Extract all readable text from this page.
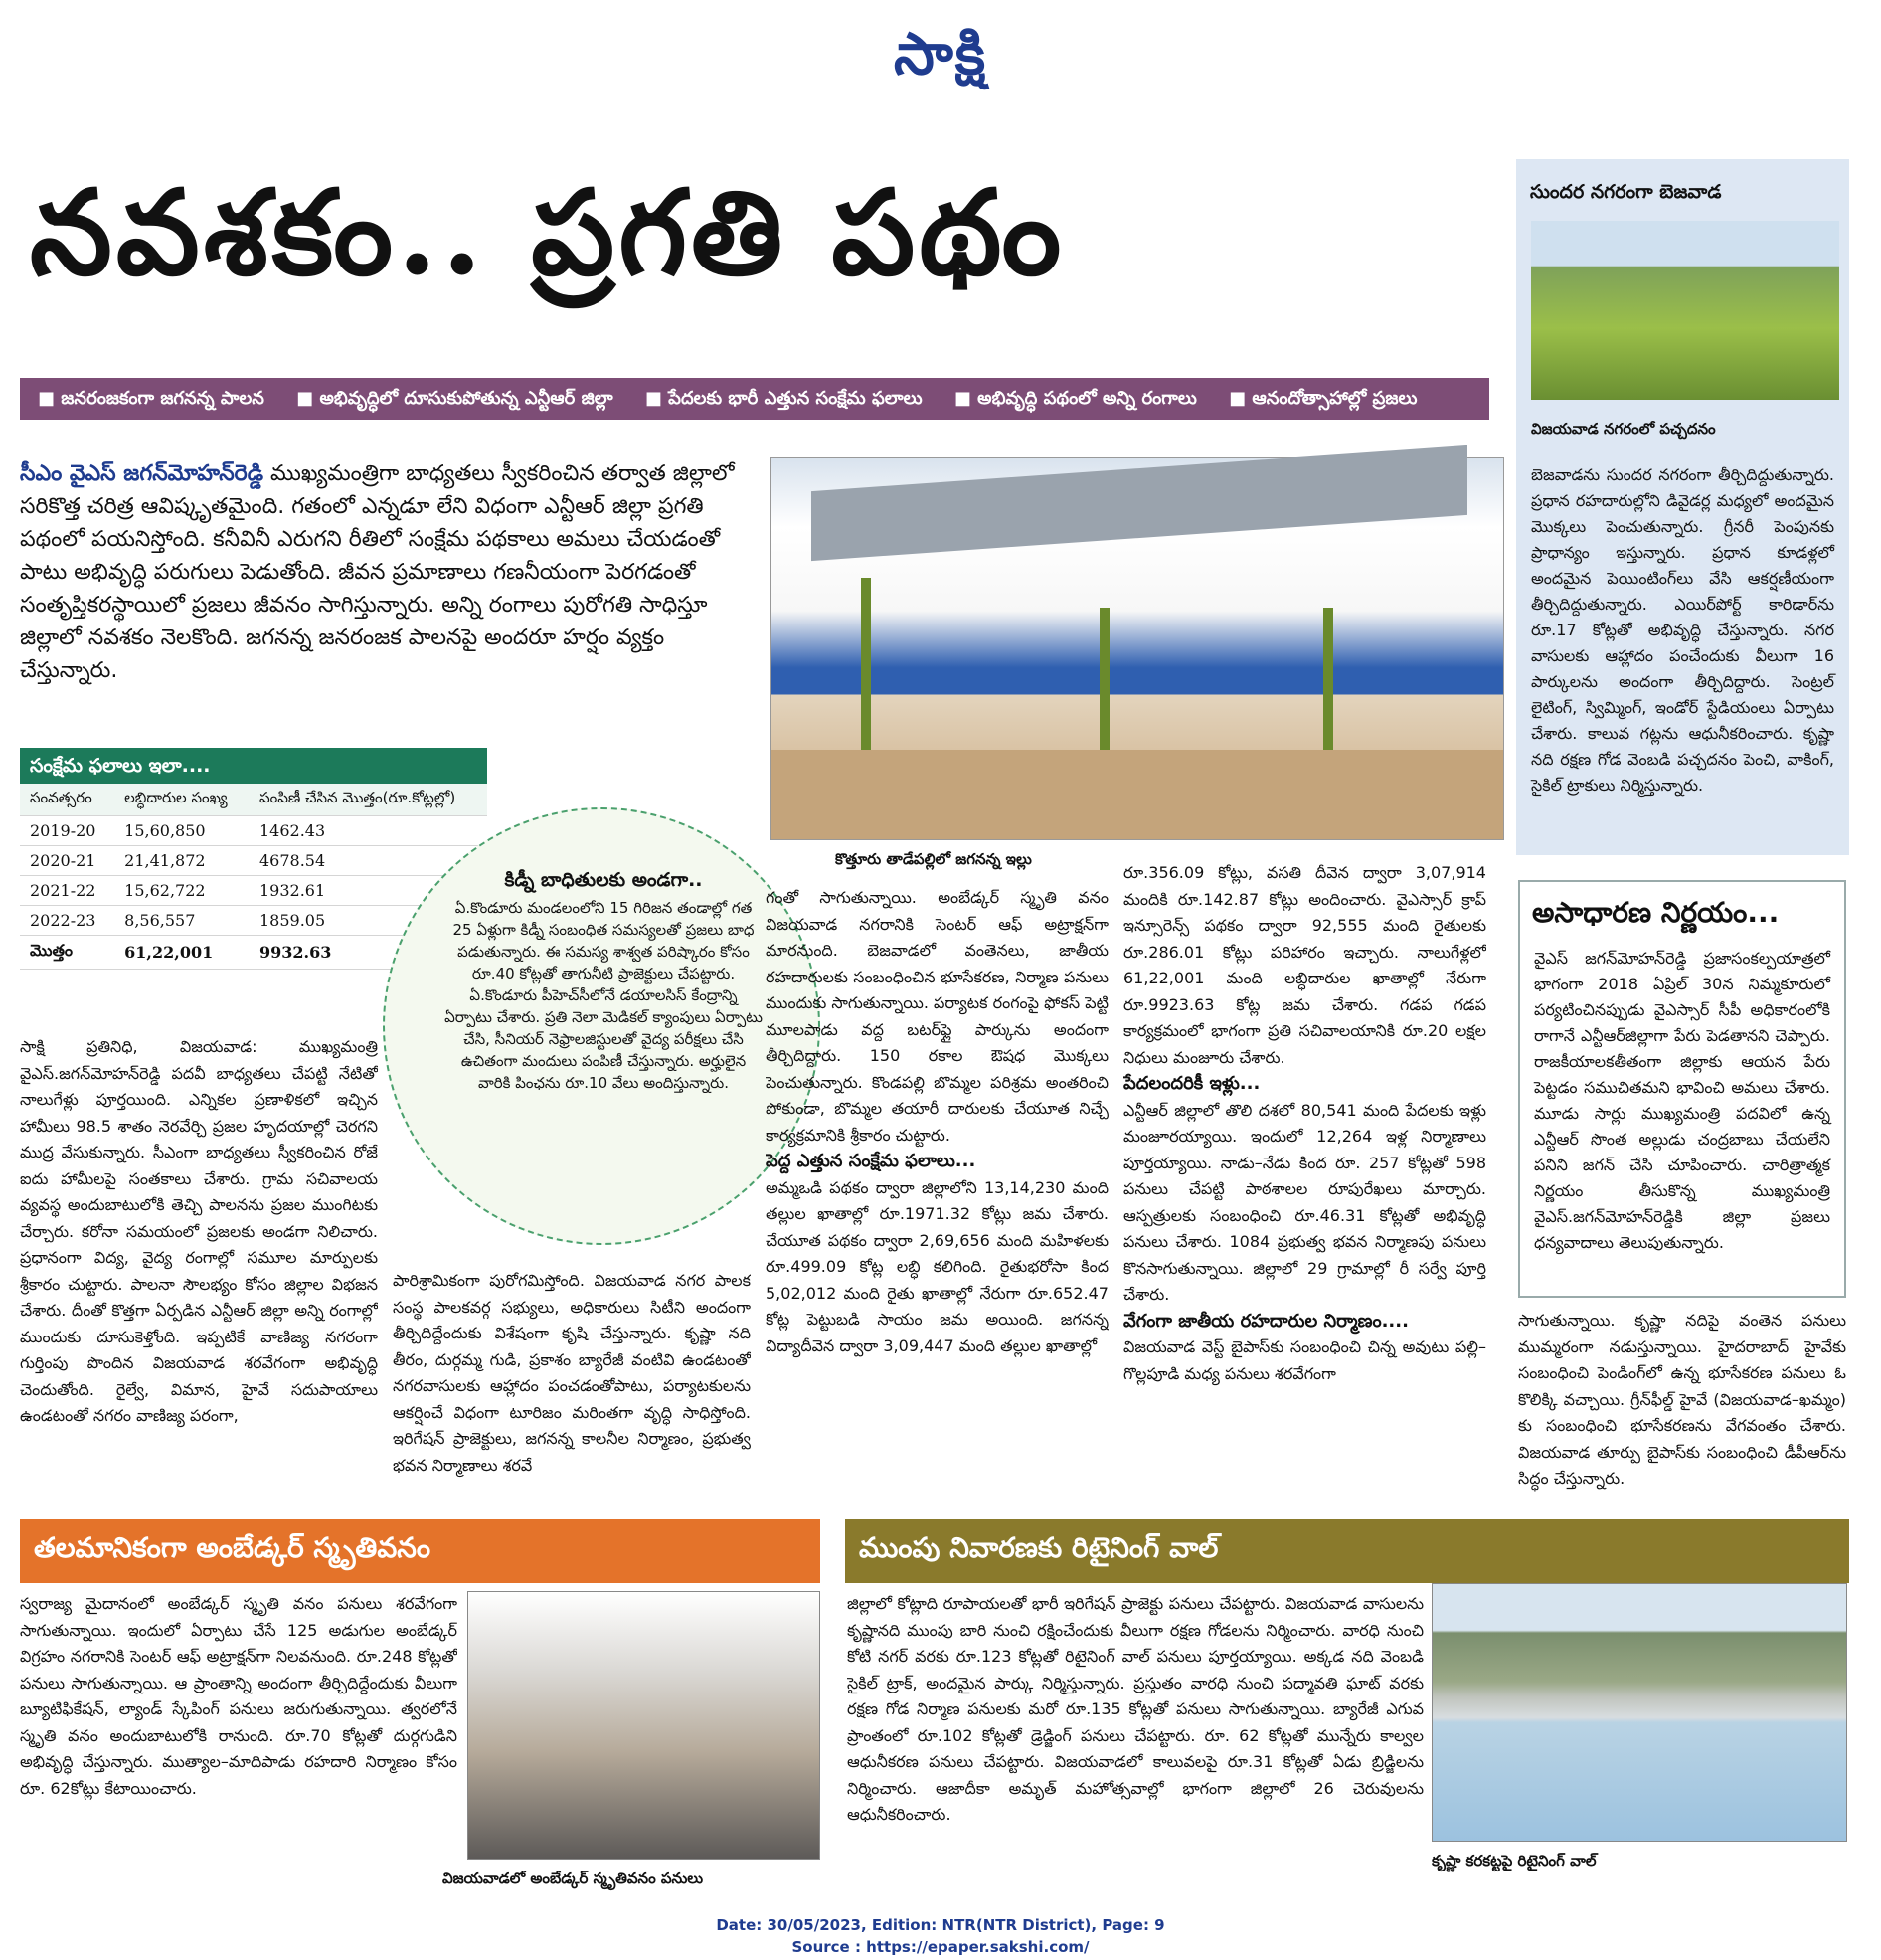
సాక్షి
నవశకం.. ప్రగతి పథం
■ జనరంజకంగా జగనన్న పాలన ■ అభివృద్ధిలో దూసుకుపోతున్న ఎన్టీఆర్ జిల్లా ■ పేదలకు భారీ ఎత్తున సంక్షేమ ఫలాలు ■ అభివృద్ధి పథంలో అన్ని రంగాలు ■ ఆనందోత్సాహాల్లో ప్రజలు
సీఎం వైఎస్ జగన్‌మోహన్‌రెడ్డి ముఖ్యమంత్రిగా బాధ్యతలు స్వీకరించిన తర్వాత జిల్లాలో సరికొత్త చరిత్ర ఆవిష్కృతమైంది. గతంలో ఎన్నడూ లేని విధంగా ఎన్టీఆర్ జిల్లా ప్రగతి పథంలో పయనిస్తోంది. కనీవినీ ఎరుగని రీతిలో సంక్షేమ పథకాలు అమలు చేయడంతో పాటు అభివృద్ధి పరుగులు పెడుతోంది. జీవన ప్రమాణాలు గణనీయంగా పెరగడంతో సంతృప్తికరస్థాయిలో ప్రజలు జీవనం సాగిస్తున్నారు. అన్ని రంగాలు పురోగతి సాధిస్తూ జిల్లాలో నవశకం నెలకొంది. జగనన్న జనరంజక పాలనపై అందరూ హర్షం వ్యక్తం చేస్తున్నారు.
కొత్తూరు తాడేపల్లిలో జగనన్న ఇల్లు
సంక్షేమ ఫలాలు ఇలా....
సంవత్సరం	లబ్ధిదారుల సంఖ్య	పంపిణీ చేసిన మొత్తం(రూ.కోట్లల్లో)
2019-20	15,60,850	1462.43
2020-21	21,41,872	4678.54
2021-22	15,62,722	1932.61
2022-23	8,56,557	1859.05
మొత్తం	61,22,001	9932.63
సాక్షి ప్రతినిధి, విజయవాడ: ముఖ్యమంత్రి వైఎస్.జగన్‌మోహన్‌రెడ్డి పదవీ బాధ్యతలు చేపట్టి నేటితో నాలుగేళ్లు పూర్తయింది. ఎన్నికల ప్రణాళికలో ఇచ్చిన హామీలు 98.5 శాతం నెరవేర్చి ప్రజల హృదయాల్లో చెరగని ముద్ర వేసుకున్నారు. సీఎంగా బాధ్యతలు స్వీకరించిన రోజే ఐదు హామీలపై సంతకాలు చేశారు. గ్రామ సచివాలయ వ్యవస్థ అందుబాటులోకి తెచ్చి పాలనను ప్రజల ముంగిటకు చేర్చారు. కరోనా సమయంలో ప్రజలకు అండగా నిలిచారు. ప్రధానంగా విద్య, వైద్య రంగాల్లో సమూల మార్పులకు శ్రీకారం చుట్టారు. పాలనా సౌలభ్యం కోసం జిల్లాల విభజన చేశారు. దీంతో కొత్తగా ఏర్పడిన ఎన్టీఆర్ జిల్లా అన్ని రంగాల్లో ముందుకు దూసుకెళ్తోంది. ఇప్పటికే వాణిజ్య నగరంగా గుర్తింపు పొందిన విజయవాడ శరవేగంగా అభివృద్ధి చెందుతోంది. రైల్వే, విమాన, హైవే సదుపాయాలు ఉండటంతో నగరం వాణిజ్య పరంగా,
పారిశ్రామికంగా పురోగమిస్తోంది. విజయవాడ నగర పాలక సంస్థ పాలకవర్గ సభ్యులు, అధికారులు సిటీని అందంగా తీర్చిదిద్దేందుకు విశేషంగా కృషి చేస్తున్నారు. కృష్ణా నది తీరం, దుర్గమ్మ గుడి, ప్రకాశం బ్యారేజీ వంటివి ఉండటంతో నగరవాసులకు ఆహ్లాదం పంచడంతోపాటు, పర్యాటకులను ఆకర్షించే విధంగా టూరిజం మరింతగా వృద్ధి సాధిస్తోంది. ఇరిగేషన్ ప్రాజెక్టులు, జగనన్న కాలనీల నిర్మాణం, ప్రభుత్వ భవన నిర్మాణాలు శరవే
కిడ్నీ బాధితులకు అండగా..
ఏ.కొండూరు మండలంలోని 15 గిరిజన తండాల్లో గత 25 ఏళ్లుగా కిడ్నీ సంబంధిత సమస్యలతో ప్రజలు బాధ పడుతున్నారు. ఈ సమస్య శాశ్వత పరిష్కారం కోసం రూ.40 కోట్లతో తాగునీటి ప్రాజెక్టులు చేపట్టారు. ఏ.కొండూరు పీహెచ్‌సీలోనే డయాలసిస్ కేంద్రాన్ని ఏర్పాటు చేశారు. ప్రతి నెలా మెడికల్ క్యాంపులు ఏర్పాటు చేసి, సీనియర్ నెఫ్రాలజిస్టులతో వైద్య పరీక్షలు చేసి ఉచితంగా మందులు పంపిణీ చేస్తున్నారు. అర్హులైన వారికి పింఛను రూ.10 వేలు అందిస్తున్నారు.
గంతో సాగుతున్నాయి. అంబేడ్కర్ స్మృతి వనం విజయవాడ నగరానికి సెంటర్ ఆఫ్ అట్రాక్షన్‌గా మారనుంది. బెజవాడలో వంతెనలు, జాతీయ రహదారులకు సంబంధించిన భూసేకరణ, నిర్మాణ పనులు ముందుకు సాగుతున్నాయి. పర్యాటక రంగంపై ఫోకస్ పెట్టి మూలపాడు వద్ద బటర్‌ఫ్లై పార్కును అందంగా తీర్చిదిద్దారు. 150 రకాల ఔషధ మొక్కలు పెంచుతున్నారు. కొండపల్లి బొమ్మల పరిశ్రమ అంతరించి పోకుండా, బొమ్మల తయారీ దారులకు చేయూత నిచ్చే కార్యక్రమానికి శ్రీకారం చుట్టారు.
పెద్ద ఎత్తున సంక్షేమ ఫలాలు...
అమ్మఒడి పథకం ద్వారా జిల్లాలోని 13,14,230 మంది తల్లుల ఖాతాల్లో రూ.1971.32 కోట్లు జమ చేశారు. చేయూత పథకం ద్వారా 2,69,656 మంది మహిళలకు రూ.499.09 కోట్ల లబ్ధి కలిగింది. రైతుభరోసా కింద 5,02,012 మంది రైతు ఖాతాల్లో నేరుగా రూ.652.47 కోట్ల పెట్టుబడి సాయం జమ అయింది. జగనన్న విద్యాదీవెన ద్వారా 3,09,447 మంది తల్లుల ఖాతాల్లో
రూ.356.09 కోట్లు, వసతి దీవెన ద్వారా 3,07,914 మందికి రూ.142.87 కోట్లు అందించారు. వైఎస్సార్ క్రాప్ ఇన్సూరెన్స్ పథకం ద్వారా 92,555 మంది రైతులకు రూ.286.01 కోట్లు పరిహారం ఇచ్చారు. నాలుగేళ్లలో 61,22,001 మంది లబ్ధిదారుల ఖాతాల్లో నేరుగా రూ.9923.63 కోట్ల జమ చేశారు. గడప గడప కార్యక్రమంలో భాగంగా ప్రతి సచివాలయానికి రూ.20 లక్షల నిధులు మంజూరు చేశారు.
పేదలందరికీ ఇళ్లు...
ఎన్టీఆర్ జిల్లాలో తొలి దశలో 80,541 మంది పేదలకు ఇళ్లు మంజూరయ్యాయి. ఇందులో 12,264 ఇళ్ల నిర్మాణాలు పూర్తయ్యాయి. నాడు–నేడు కింద రూ. 257 కోట్లతో 598 పనులు చేపట్టి పాఠశాలల రూపురేఖలు మార్చారు. ఆస్పత్రులకు సంబంధించి రూ.46.31 కోట్లతో అభివృద్ధి పనులు చేశారు. 1084 ప్రభుత్వ భవన నిర్మాణపు పనులు కొనసాగుతున్నాయి. జిల్లాలో 29 గ్రామాల్లో రీ సర్వే పూర్తి చేశారు.
వేగంగా జాతీయ రహదారుల నిర్మాణం....
విజయవాడ వెస్ట్ బైపాస్‌కు సంబంధించి చిన్న అవుటు పల్లి–గొల్లపూడి మధ్య పనులు శరవేగంగా
సుందర నగరంగా బెజవాడ
విజయవాడ నగరంలో పచ్చదనం
బెజవాడను సుందర నగరంగా తీర్చిదిద్దుతున్నారు. ప్రధాన రహదారుల్లోని డివైడర్ల మధ్యలో అందమైన మొక్కలు పెంచుతున్నారు. గ్రీనరీ పెంపునకు ప్రాధాన్యం ఇస్తున్నారు. ప్రధాన కూడళ్లలో అందమైన పెయింటింగ్‌లు వేసి ఆకర్షణీయంగా తీర్చిదిద్దుతున్నారు. ఎయిర్‌పోర్ట్ కారిడార్‌ను రూ.17 కోట్లతో అభివృద్ధి చేస్తున్నారు. నగర వాసులకు ఆహ్లాదం పంచేందుకు వీలుగా 16 పార్కులను అందంగా తీర్చిదిద్దారు. సెంట్రల్ లైటింగ్, స్విమ్మింగ్, ఇండోర్ స్టేడియంలు ఏర్పాటు చేశారు. కాలువ గట్లను ఆధునీకరించారు. కృష్ణా నది రక్షణ గోడ వెంబడి పచ్చదనం పెంచి, వాకింగ్, సైకిల్ ట్రాకులు నిర్మిస్తున్నారు.
అసాధారణ నిర్ణయం...
వైఎస్ జగన్‌మోహన్‌రెడ్డి ప్రజాసంకల్పయాత్రలో భాగంగా 2018 ఏప్రిల్ 30న నిమ్మకూరులో పర్యటించినప్పుడు వైఎస్సార్ సీపీ అధికారంలోకి రాగానే ఎన్టీఆర్‌జిల్లాగా పేరు పెడతానని చెప్పారు. రాజకీయాలకతీతంగా జిల్లాకు ఆయన పేరు పెట్టడం సముచితమని భావించి అమలు చేశారు. మూడు సార్లు ముఖ్యమంత్రి పదవిలో ఉన్న ఎన్టీఆర్ సొంత అల్లుడు చంద్రబాబు చేయలేని పనిని జగన్ చేసి చూపించారు. చారిత్రాత్మక నిర్ణయం తీసుకొన్న ముఖ్యమంత్రి వైఎస్.జగన్‌మోహన్‌రెడ్డికి జిల్లా ప్రజలు ధన్యవాదాలు తెలుపుతున్నారు.
సాగుతున్నాయి. కృష్ణా నదిపై వంతెన పనులు ముమ్మరంగా నడుస్తున్నాయి. హైదరాబాద్ హైవేకు సంబంధించి పెండింగ్‌లో ఉన్న భూసేకరణ పనులు ఓ కొలిక్కి వచ్చాయి. గ్రీన్‌ఫీల్డ్ హైవే (విజయవాడ–ఖమ్మం) కు సంబంధించి భూసేకరణను వేగవంతం చేశారు. విజయవాడ తూర్పు బైపాస్‌కు సంబంధించి డీపీఆర్‌ను సిద్ధం చేస్తున్నారు.
తలమానికంగా అంబేడ్కర్ స్మృతివనం
స్వరాజ్య మైదానంలో అంబేడ్కర్ స్మృతి వనం పనులు శరవేగంగా సాగుతున్నాయి. ఇందులో ఏర్పాటు చేసే 125 అడుగుల అంబేడ్కర్ విగ్రహం నగరానికి సెంటర్ ఆఫ్ అట్రాక్షన్‌గా నిలవనుంది. రూ.248 కోట్లతో పనులు సాగుతున్నాయి. ఆ ప్రాంతాన్ని అందంగా తీర్చిదిద్దేందుకు వీలుగా బ్యూటిఫికేషన్, ల్యాండ్ స్కేపింగ్ పనులు జరుగుతున్నాయి. త్వరలోనే స్మృతి వనం అందుబాటులోకి రానుంది. రూ.70 కోట్లతో దుర్గగుడిని అభివృద్ధి చేస్తున్నారు. ముత్యాల–మాదిపాడు రహదారి నిర్మాణం కోసం రూ. 62కోట్లు కేటాయించారు.
విజయవాడలో అంబేడ్కర్ స్మృతివనం పనులు
ముంపు నివారణకు రిటైనింగ్ వాల్
జిల్లాలో కోట్లాది రూపాయలతో భారీ ఇరిగేషన్ ప్రాజెక్టు పనులు చేపట్టారు. విజయవాడ వాసులను కృష్ణానది ముంపు బారి నుంచి రక్షించేందుకు వీలుగా రక్షణ గోడలను నిర్మించారు. వారధి నుంచి కోటి నగర్ వరకు రూ.123 కోట్లతో రిటైనింగ్ వాల్ పనులు పూర్తయ్యాయి. అక్కడ నది వెంబడి సైకిల్ ట్రాక్, అందమైన పార్కు నిర్మిస్తున్నారు. ప్రస్తుతం వారధి నుంచి పద్మావతి ఘాట్ వరకు రక్షణ గోడ నిర్మాణ పనులకు మరో రూ.135 కోట్లతో పనులు సాగుతున్నాయి. బ్యారేజీ ఎగువ ప్రాంతంలో రూ.102 కోట్లతో డ్రెడ్జింగ్ పనులు చేపట్టారు. రూ. 62 కోట్లతో మున్నేరు కాల్వల ఆధునీకరణ పనులు చేపట్టారు. విజయవాడలో కాలువలపై రూ.31 కోట్లతో ఏడు బ్రిడ్జిలను నిర్మించారు. ఆజాదీకా అమృత్ మహోత్సవాల్లో భాగంగా జిల్లాలో 26 చెరువులను ఆధునీకరించారు.
కృష్ణా కరకట్టపై రిటైనింగ్ వాల్
Date: 30/05/2023, Edition: NTR(NTR District), Page: 9
Source : https://epaper.sakshi.com/
